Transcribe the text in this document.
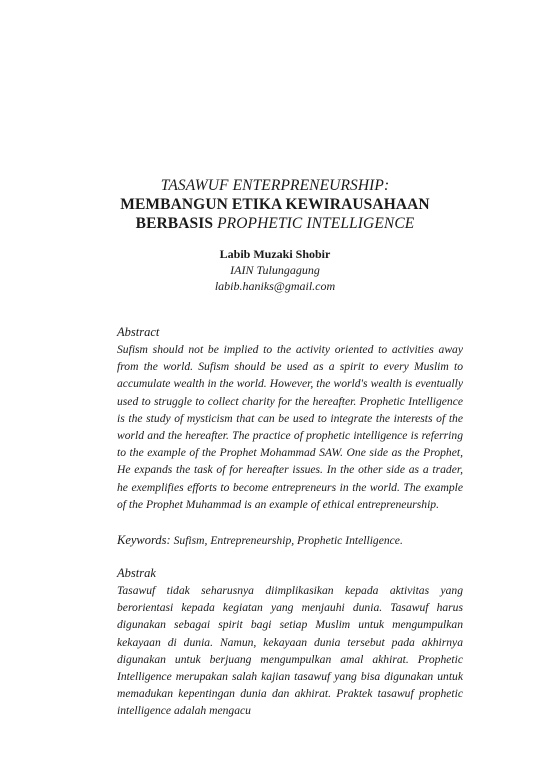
TASAWUF ENTERPRENEURSHIP:
MEMBANGUN ETIKA KEWIRAUSAHAAN
BERBASIS PROPHETIC INTELLIGENCE
Labib Muzaki Shobir
IAIN Tulungagung
labib.haniks@gmail.com
Abstract
Sufism should not be implied to the activity oriented to activities away from the world. Sufism should be used as a spirit to every Muslim to accumulate wealth in the world. However, the world's wealth is eventually used to struggle to collect charity for the hereafter. Prophetic Intelligence is the study of mysticism that can be used to integrate the interests of the world and the hereafter. The practice of prophetic intelligence is referring to the example of the Prophet Mohammad SAW. One side as the Prophet, He expands the task of for hereafter issues. In the other side as a trader, he exemplifies efforts to become entrepreneurs in the world. The example of the Prophet Muhammad is an example of ethical entrepreneurship.
Keywords: Sufism, Entrepreneurship, Prophetic Intelligence.
Abstrak
Tasawuf tidak seharusnya diimplikasikan kepada aktivitas yang berorientasi kepada kegiatan yang menjauhi dunia. Tasawuf harus digunakan sebagai spirit bagi setiap Muslim untuk mengumpulkan kekayaan di dunia. Namun, kekayaan dunia tersebut pada akhirnya digunakan untuk berjuang mengumpulkan amal akhirat. Prophetic Intelligence merupakan salah kajian tasawuf yang bisa digunakan untuk memadukan kepentingan dunia dan akhirat. Praktek tasawuf prophetic intelligence adalah mengacu
